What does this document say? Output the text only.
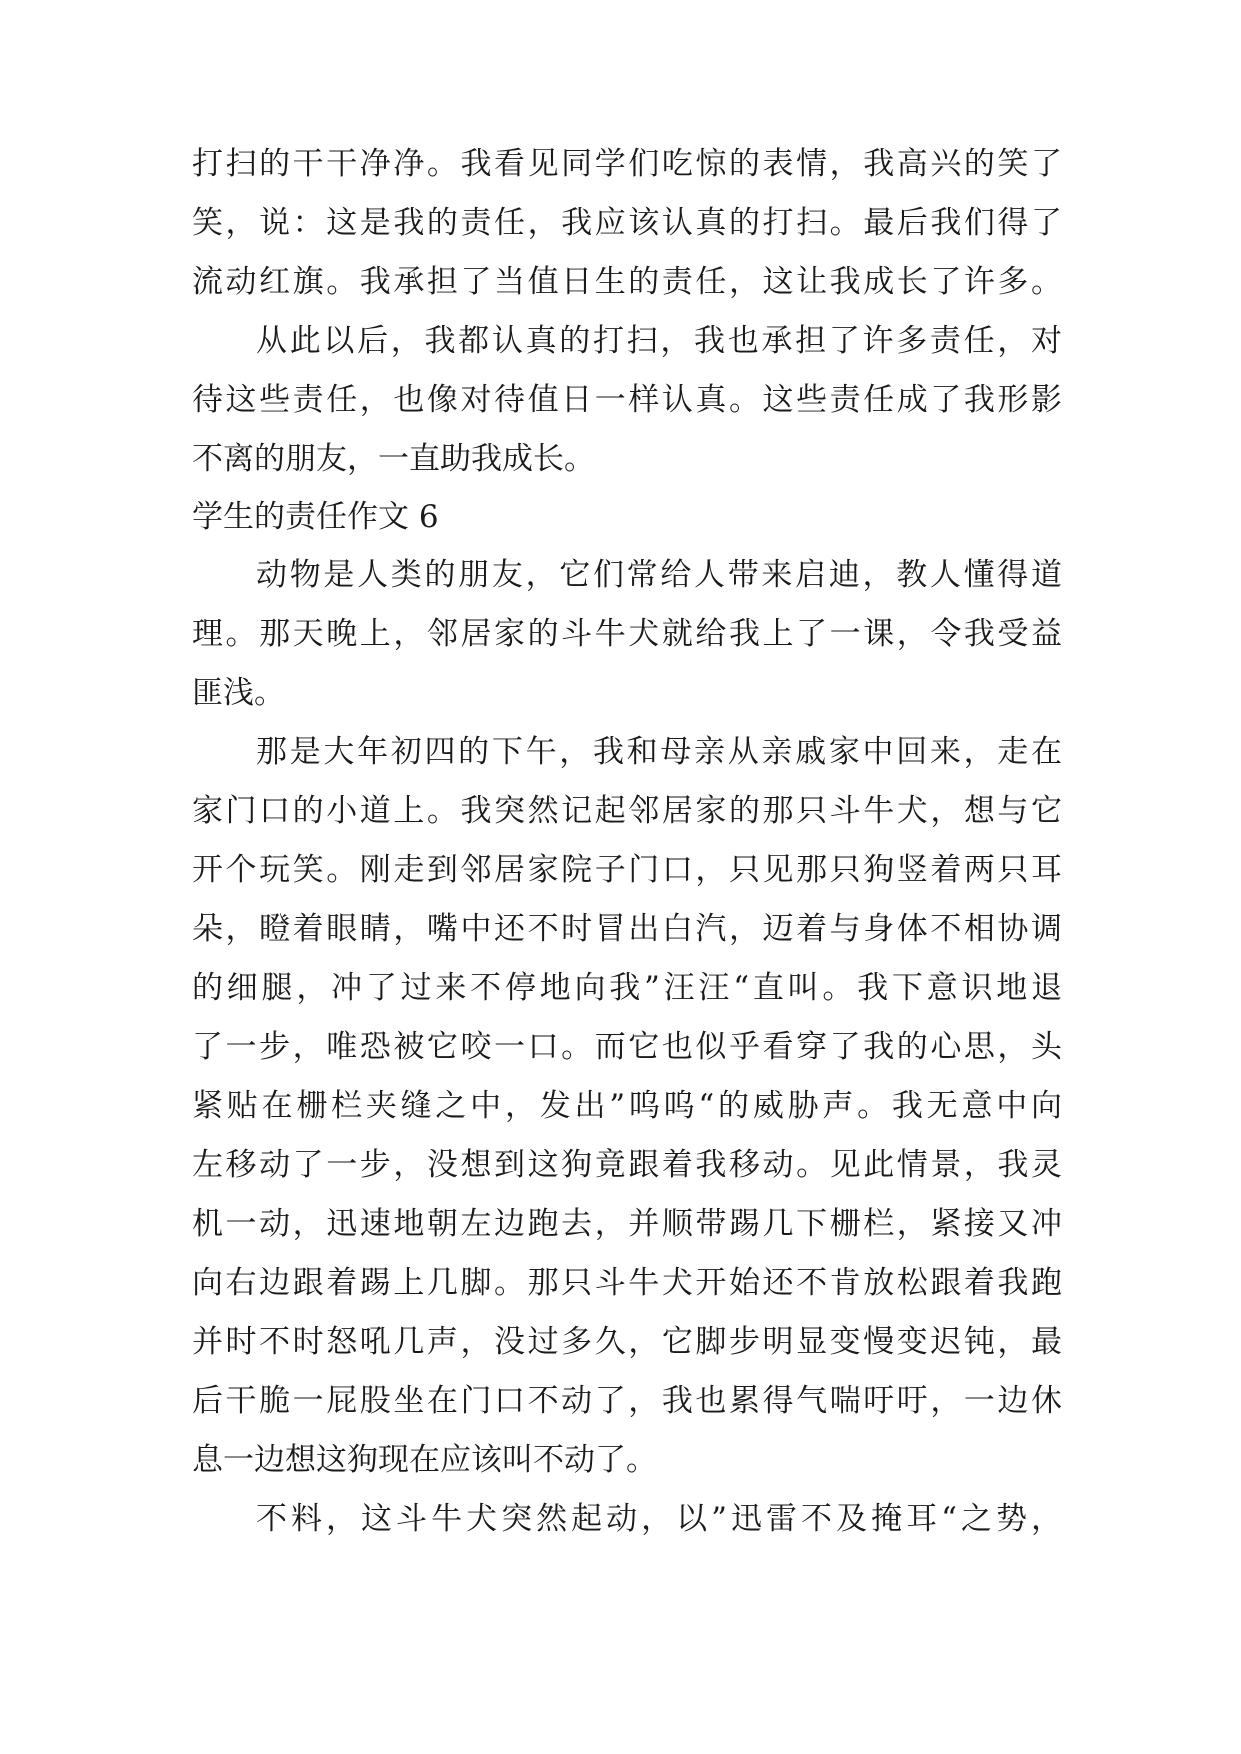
打扫的干干净净。我看见同学们吃惊的表情，我高兴的笑了
笑，说：这是我的责任，我应该认真的打扫。最后我们得了
流动红旗。我承担了当值日生的责任，这让我成长了许多。
从此以后，我都认真的打扫，我也承担了许多责任，对
待这些责任，也像对待值日一样认真。这些责任成了我形影
不离的朋友，一直助我成长。
学生的责任作文 6
动物是人类的朋友，它们常给人带来启迪，教人懂得道
理。那天晚上，邻居家的斗牛犬就给我上了一课，令我受益
匪浅。
那是大年初四的下午，我和母亲从亲戚家中回来，走在
家门口的小道上。我突然记起邻居家的那只斗牛犬，想与它
开个玩笑。刚走到邻居家院子门口，只见那只狗竖着两只耳
朵，瞪着眼睛，嘴中还不时冒出白汽，迈着与身体不相协调
的细腿，冲了过来不停地向我”汪汪“直叫。我下意识地退
了一步，唯恐被它咬一口。而它也似乎看穿了我的心思，头
紧贴在栅栏夹缝之中，发出”呜呜“的威胁声。我无意中向
左移动了一步，没想到这狗竟跟着我移动。见此情景，我灵
机一动，迅速地朝左边跑去，并顺带踢几下栅栏，紧接又冲
向右边跟着踢上几脚。那只斗牛犬开始还不肯放松跟着我跑
并时不时怒吼几声，没过多久，它脚步明显变慢变迟钝，最
后干脆一屁股坐在门口不动了，我也累得气喘吁吁，一边休
息一边想这狗现在应该叫不动了。
不料，这斗牛犬突然起动，以”迅雷不及掩耳“之势，
